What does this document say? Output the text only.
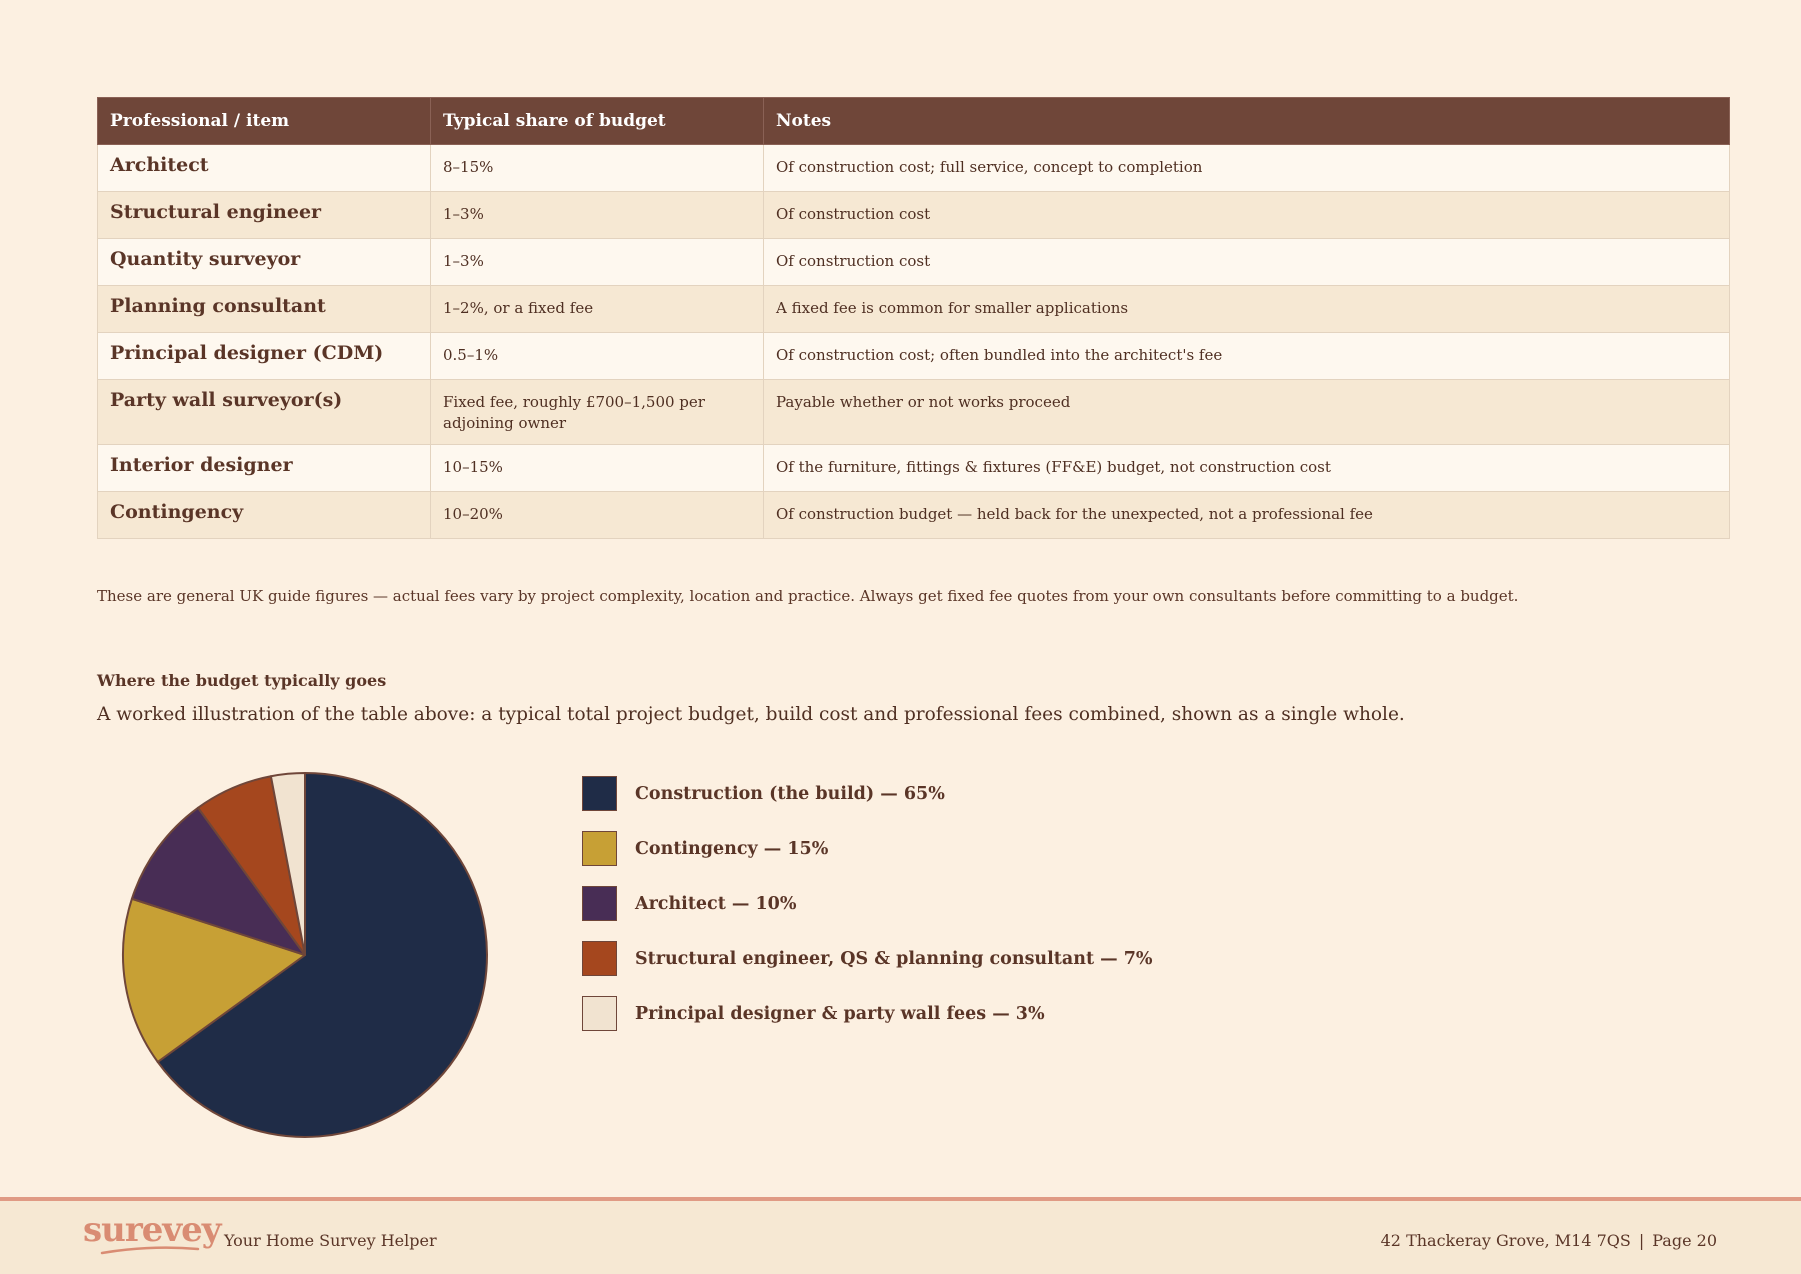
Professional / item	Typical share of budget	Notes
Architect	8–15%	Of construction cost; full service, concept to completion
Structural engineer	1–3%	Of construction cost
Quantity surveyor	1–3%	Of construction cost
Planning consultant	1–2%, or a fixed fee	A fixed fee is common for smaller applications
Principal designer (CDM)	0.5–1%	Of construction cost; often bundled into the architect's fee
Party wall surveyor(s)	Fixed fee, roughly £700–1,500 per adjoining owner	Payable whether or not works proceed
Interior designer	10–15%	Of the furniture, fittings & fixtures (FF&E) budget, not construction cost
Contingency	10–20%	Of construction budget — held back for the unexpected, not a professional fee
These are general UK guide figures — actual fees vary by project complexity, location and practice. Always get fixed fee quotes from your own consultants before committing to a budget.
Where the budget typically goes
A worked illustration of the table above: a typical total project budget, build cost and professional fees combined, shown as a single whole.
Construction (the build) — 65%
Contingency — 15%
Architect — 10%
Structural engineer, QS & planning consultant — 7%
Principal designer & party wall fees — 3%
surevey Your Home Survey Helper	42 Thackeray Grove, M14 7QS | Page 20
